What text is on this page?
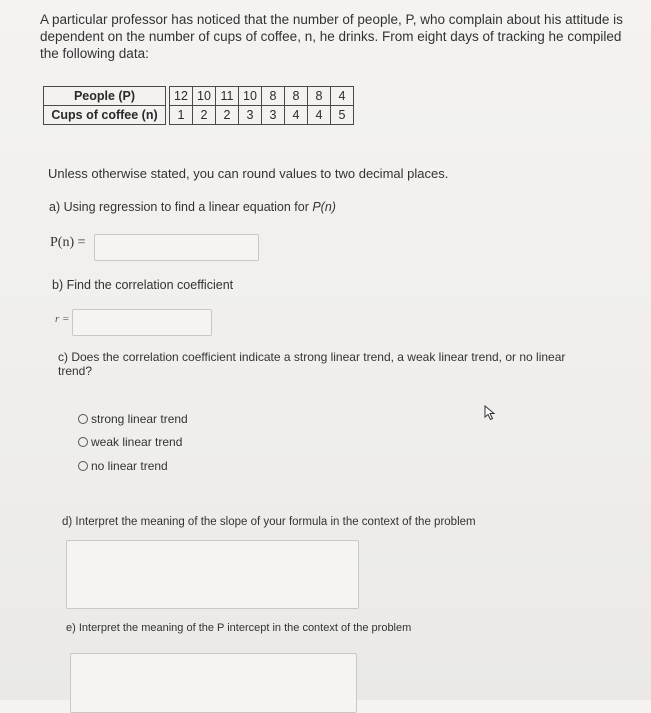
A particular professor has noticed that the number of people, P, who complain about his attitude is dependent on the number of cups of coffee, n, he drinks. From eight days of tracking he compiled the following data:
People (P)		12	10	11	10	8	8	8	4
Cups of coffee (n)		1	2	2	3	3	4	4	5
Unless otherwise stated, you can round values to two decimal places.
a) Using regression to find a linear equation for P(n)
P(n) =
b) Find the correlation coefficient
r =
c) Does the correlation coefficient indicate a strong linear trend, a weak linear trend, or no linear trend?
strong linear trend
weak linear trend
no linear trend
d) Interpret the meaning of the slope of your formula in the context of the problem
e) Interpret the meaning of the P intercept in the context of the problem
